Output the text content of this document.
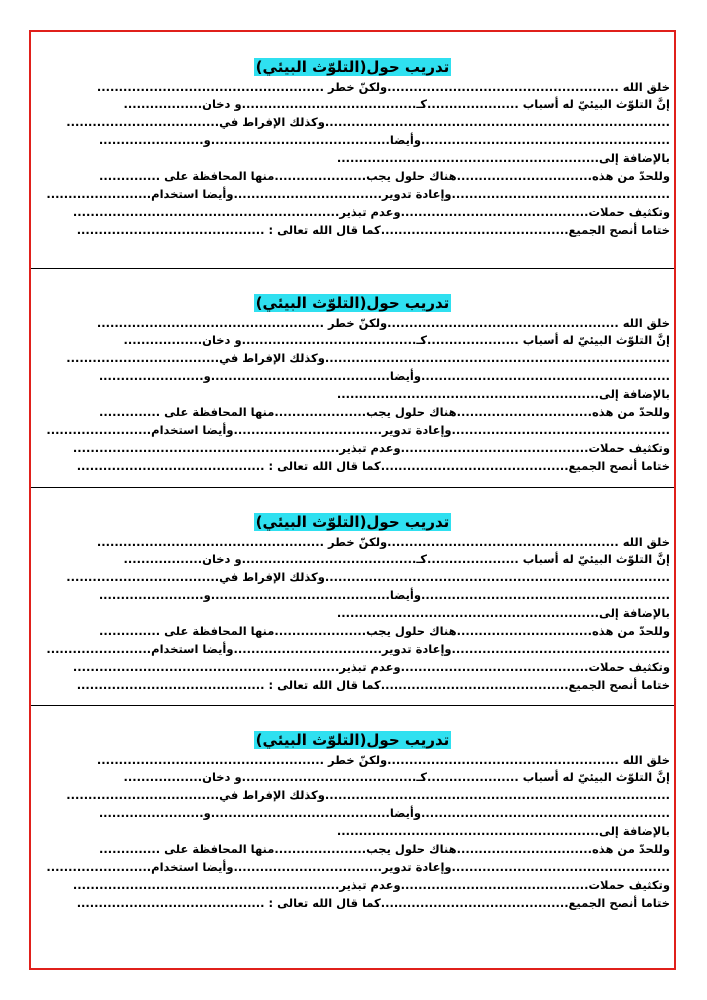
تدريب حول(التلوّث البيئي)
خلق الله .....................................................ولكنّ خطر ....................................................
إنَّ التلوّث البيئيّ له أسباب .....................كـ........................................و دخان..................
...............................................................................وكذلك الإفراط في...................................
.........................................................وأيضا.........................................و........................
بالإضافة إلى............................................................
وللحدّ من هذه...............................هناك حلول يجب.....................منها المحافظة على ..............
..................................................وإعادة تدوير..................................وأيضا استخدام........................
وتكثيف حملات...........................................وعدم تبذير.............................................................
ختاما أنصح الجميع...........................................كما قال الله تعالى : ...........................................
تدريب حول(التلوّث البيئي)
خلق الله .....................................................ولكنّ خطر ....................................................
إنَّ التلوّث البيئيّ له أسباب .....................كـ........................................و دخان..................
...............................................................................وكذلك الإفراط في...................................
.........................................................وأيضا.........................................و........................
بالإضافة إلى............................................................
وللحدّ من هذه...............................هناك حلول يجب.....................منها المحافظة على ..............
..................................................وإعادة تدوير..................................وأيضا استخدام........................
وتكثيف حملات...........................................وعدم تبذير.............................................................
ختاما أنصح الجميع...........................................كما قال الله تعالى : ...........................................
تدريب حول(التلوّث البيئي)
خلق الله .....................................................ولكنّ خطر ....................................................
إنَّ التلوّث البيئيّ له أسباب .....................كـ........................................و دخان..................
...............................................................................وكذلك الإفراط في...................................
.........................................................وأيضا.........................................و........................
بالإضافة إلى............................................................
وللحدّ من هذه...............................هناك حلول يجب.....................منها المحافظة على ..............
..................................................وإعادة تدوير..................................وأيضا استخدام........................
وتكثيف حملات...........................................وعدم تبذير.............................................................
ختاما أنصح الجميع...........................................كما قال الله تعالى : ...........................................
تدريب حول(التلوّث البيئي)
خلق الله .....................................................ولكنّ خطر ....................................................
إنَّ التلوّث البيئيّ له أسباب .....................كـ........................................و دخان..................
...............................................................................وكذلك الإفراط في...................................
.........................................................وأيضا.........................................و........................
بالإضافة إلى............................................................
وللحدّ من هذه...............................هناك حلول يجب.....................منها المحافظة على ..............
..................................................وإعادة تدوير..................................وأيضا استخدام........................
وتكثيف حملات...........................................وعدم تبذير.............................................................
ختاما أنصح الجميع...........................................كما قال الله تعالى : ...........................................
